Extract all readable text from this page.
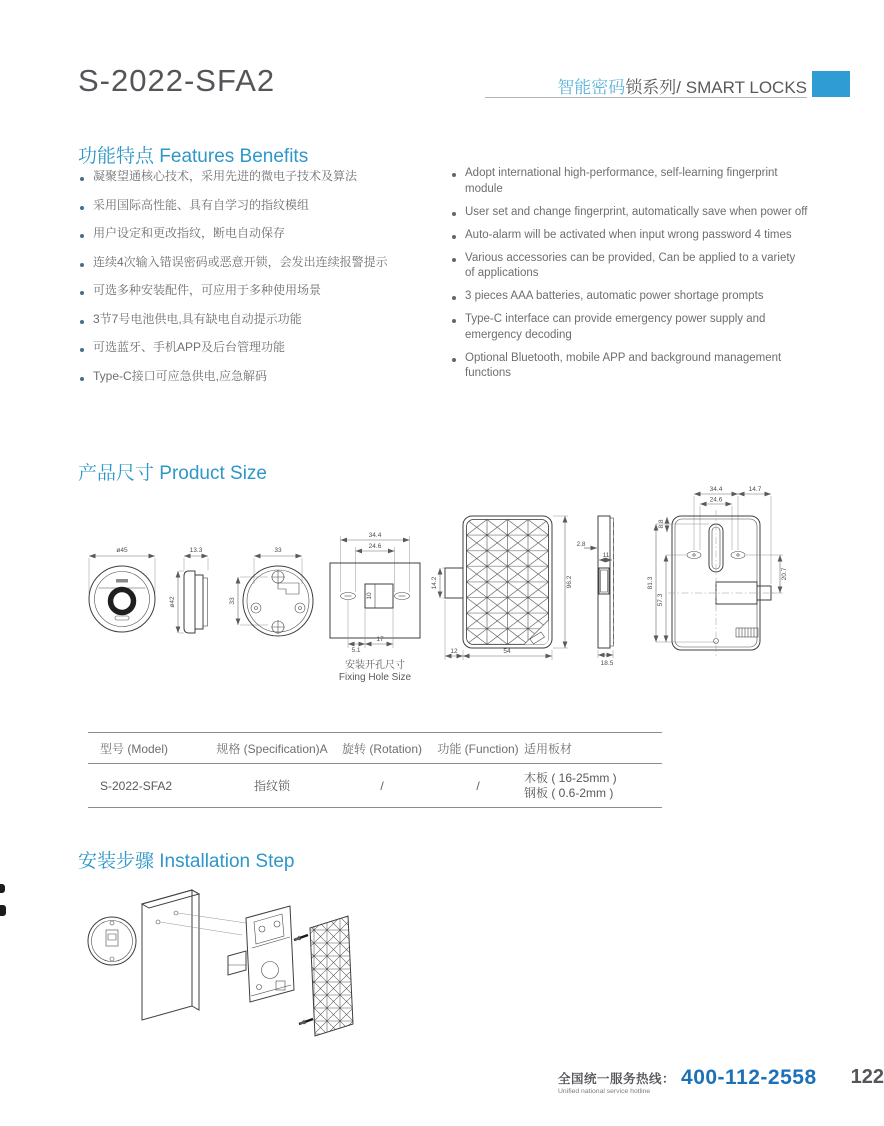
S-2022-SFA2	智能密码锁系列/ SMART LOCKS
功能特点 Features Benefits
凝聚望通核心技术，采用先进的微电子技术及算法
采用国际高性能、具有自学习的指纹模组
用户设定和更改指纹，断电自动保存
连续4次输入错误密码或恶意开锁，会发出连续报警提示
可选多种安装配件，可应用于多种使用场景
3节7号电池供电,具有缺电自动提示功能
可选蓝牙、手机APP及后台管理功能
Type-C接口可应急供电,应急解码
Adopt international high-performance, self-learning fingerprint module
User set and change fingerprint, automatically save when power off
Auto-alarm will be activated when input wrong password 4 times
Various accessories can be provided, Can be applied to a variety of applications
3 pieces AAA batteries, automatic power shortage prompts
Type-C interface can provide emergency power supply and emergency decoding
Optional Bluetooth, mobile APP and background management functions
产品尺寸 Product Size
ø45	13.3
ø42
33
33
34.4
24.6
10
5.1
17
安装开孔尺寸
Fixing Hole Size
14.2	96.2
12	54
2.8
11
18.5
34.4
24.6
14.7
8.8
81.3
57.3
20.7
型号 (Model)	规格 (Specification)A	旋转 (Rotation)	功能 (Function)	适用板材
S-2022-SFA2	指纹锁	/	/	木板 ( 16-25mm )
钢板 ( 0.6-2mm )
安装步骤 Installation Step
全国统一服务热线：
Unified national service hotline
400-112-2558 122
